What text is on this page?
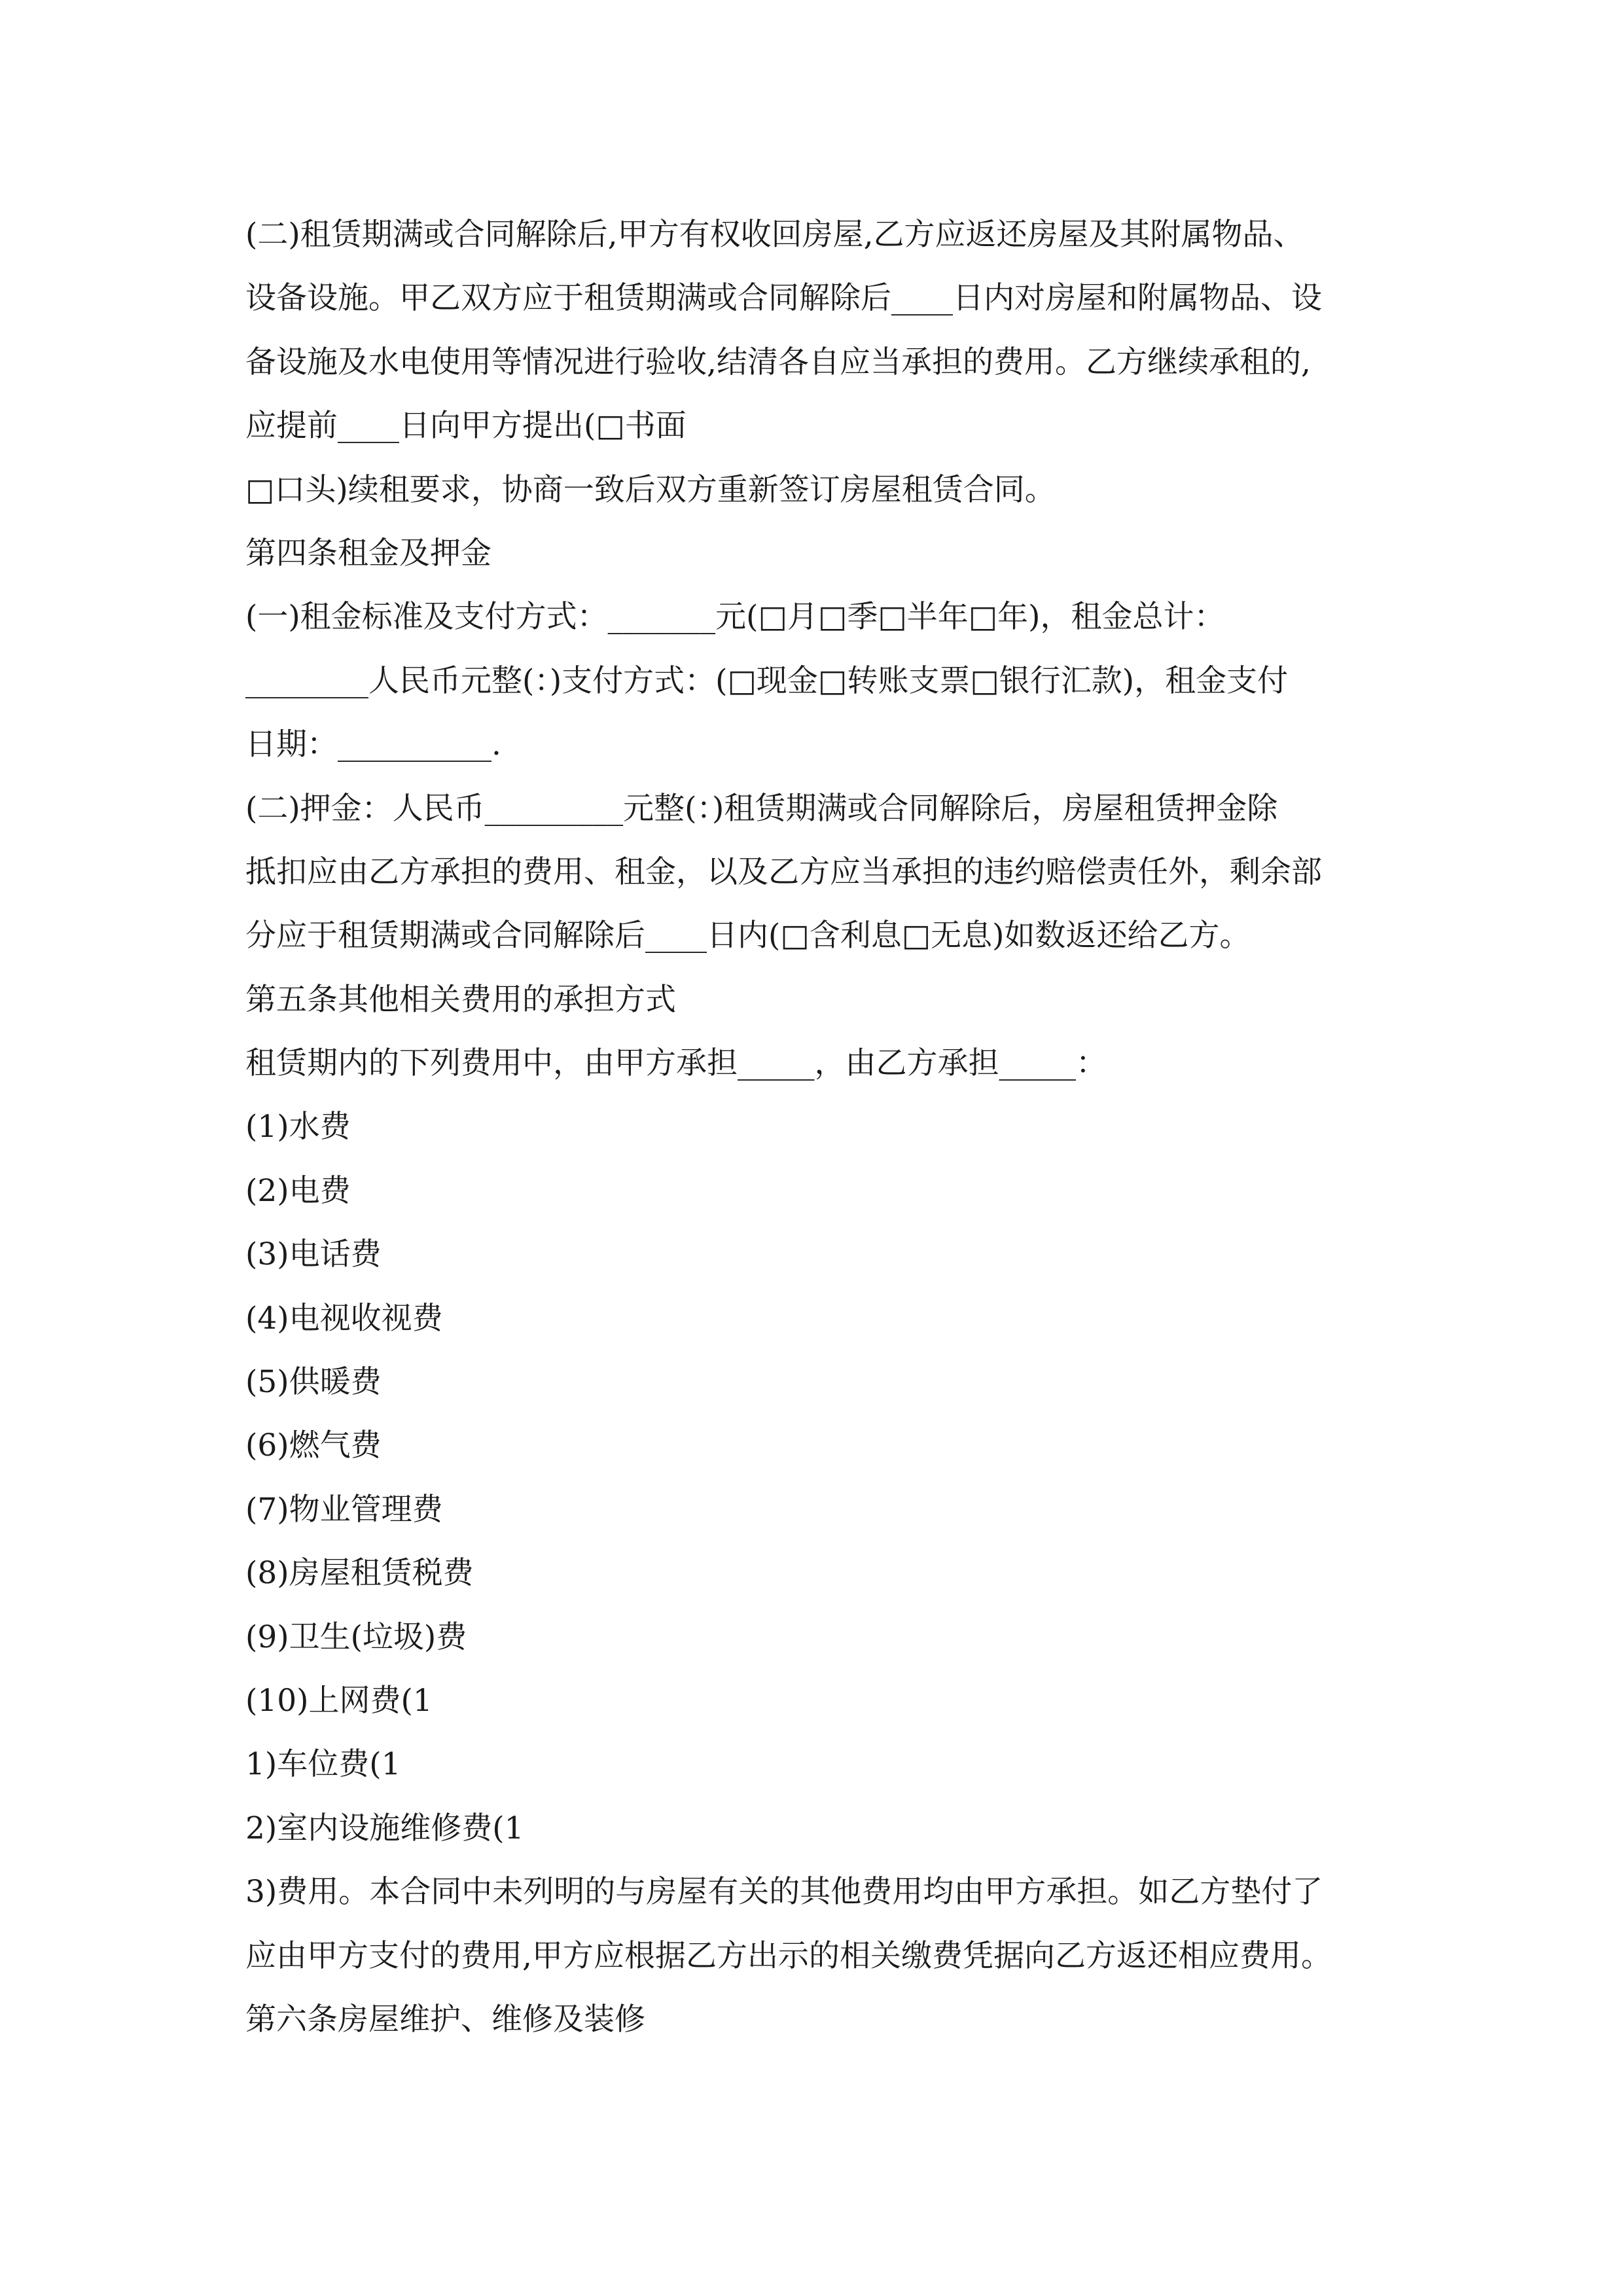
(二)租赁期满或合同解除后,甲方有权收回房屋,乙方应返还房屋及其附属物品、
设备设施。甲乙双方应于租赁期满或合同解除后____日内对房屋和附属物品、设
备设施及水电使用等情况进行验收,结清各自应当承担的费用。乙方继续承租的,
应提前____日向甲方提出(□书面
□口头)续租要求，协商一致后双方重新签订房屋租赁合同。
第四条租金及押金
(一)租金标准及支付方式：_______元(□月□季□半年□年)，租金总计：
________人民币元整(：)支付方式：(□现金□转账支票□银行汇款)，租金支付
日期：__________.
(二)押金：人民币_________元整(：)租赁期满或合同解除后，房屋租赁押金除
抵扣应由乙方承担的费用、租金，以及乙方应当承担的违约赔偿责任外，剩余部
分应于租赁期满或合同解除后____日内(□含利息□无息)如数返还给乙方。
第五条其他相关费用的承担方式
租赁期内的下列费用中，由甲方承担_____，由乙方承担_____：
(1)水费
(2)电费
(3)电话费
(4)电视收视费
(5)供暖费
(6)燃气费
(7)物业管理费
(8)房屋租赁税费
(9)卫生(垃圾)费
(10)上网费(1
1)车位费(1
2)室内设施维修费(1
3)费用。本合同中未列明的与房屋有关的其他费用均由甲方承担。如乙方垫付了
应由甲方支付的费用,甲方应根据乙方出示的相关缴费凭据向乙方返还相应费用。
第六条房屋维护、维修及装修
